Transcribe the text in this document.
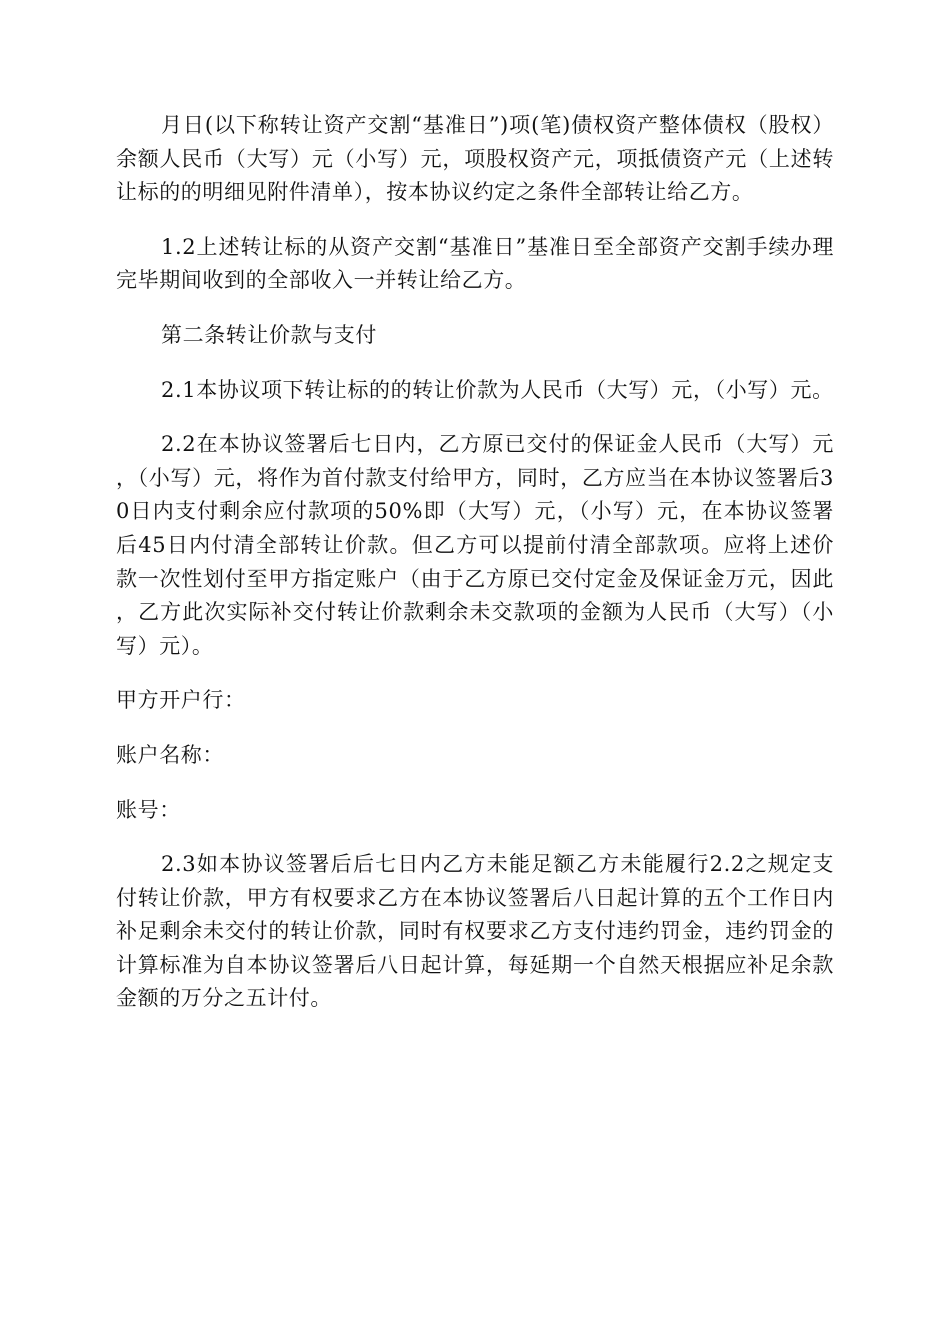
月日(以下称转让资产交割“基准日”)项(笔)债权资产整体债权（股权）余额人民币（大写）元（小写）元，项股权资产元，项抵债资产元（上述转让标的的明细见附件清单），按本协议约定之条件全部转让给乙方。

1.2上述转让标的从资产交割“基准日”基准日至全部资产交割手续办理完毕期间收到的全部收入一并转让给乙方。

第二条转让价款与支付

2.1本协议项下转让标的的转让价款为人民币（大写）元，（小写）元。

2.2在本协议签署后七日内，乙方原已交付的保证金人民币（大写）元，（小写）元，将作为首付款支付给甲方，同时，乙方应当在本协议签署后30日内支付剩余应付款项的50%即（大写）元，（小写）元，在本协议签署后45日内付清全部转让价款。但乙方可以提前付清全部款项。应将上述价款一次性划付至甲方指定账户（由于乙方原已交付定金及保证金万元，因此，乙方此次实际补交付转让价款剩余未交款项的金额为人民币（大写）（小写）元）。

甲方开户行：

账户名称：

账号：

2.3如本协议签署后后七日内乙方未能足额乙方未能履行2.2之规定支付转让价款，甲方有权要求乙方在本协议签署后八日起计算的五个工作日内补足剩余未交付的转让价款，同时有权要求乙方支付违约罚金，违约罚金的计算标准为自本协议签署后八日起计算，每延期一个自然天根据应补足余款金额的万分之五计付。
